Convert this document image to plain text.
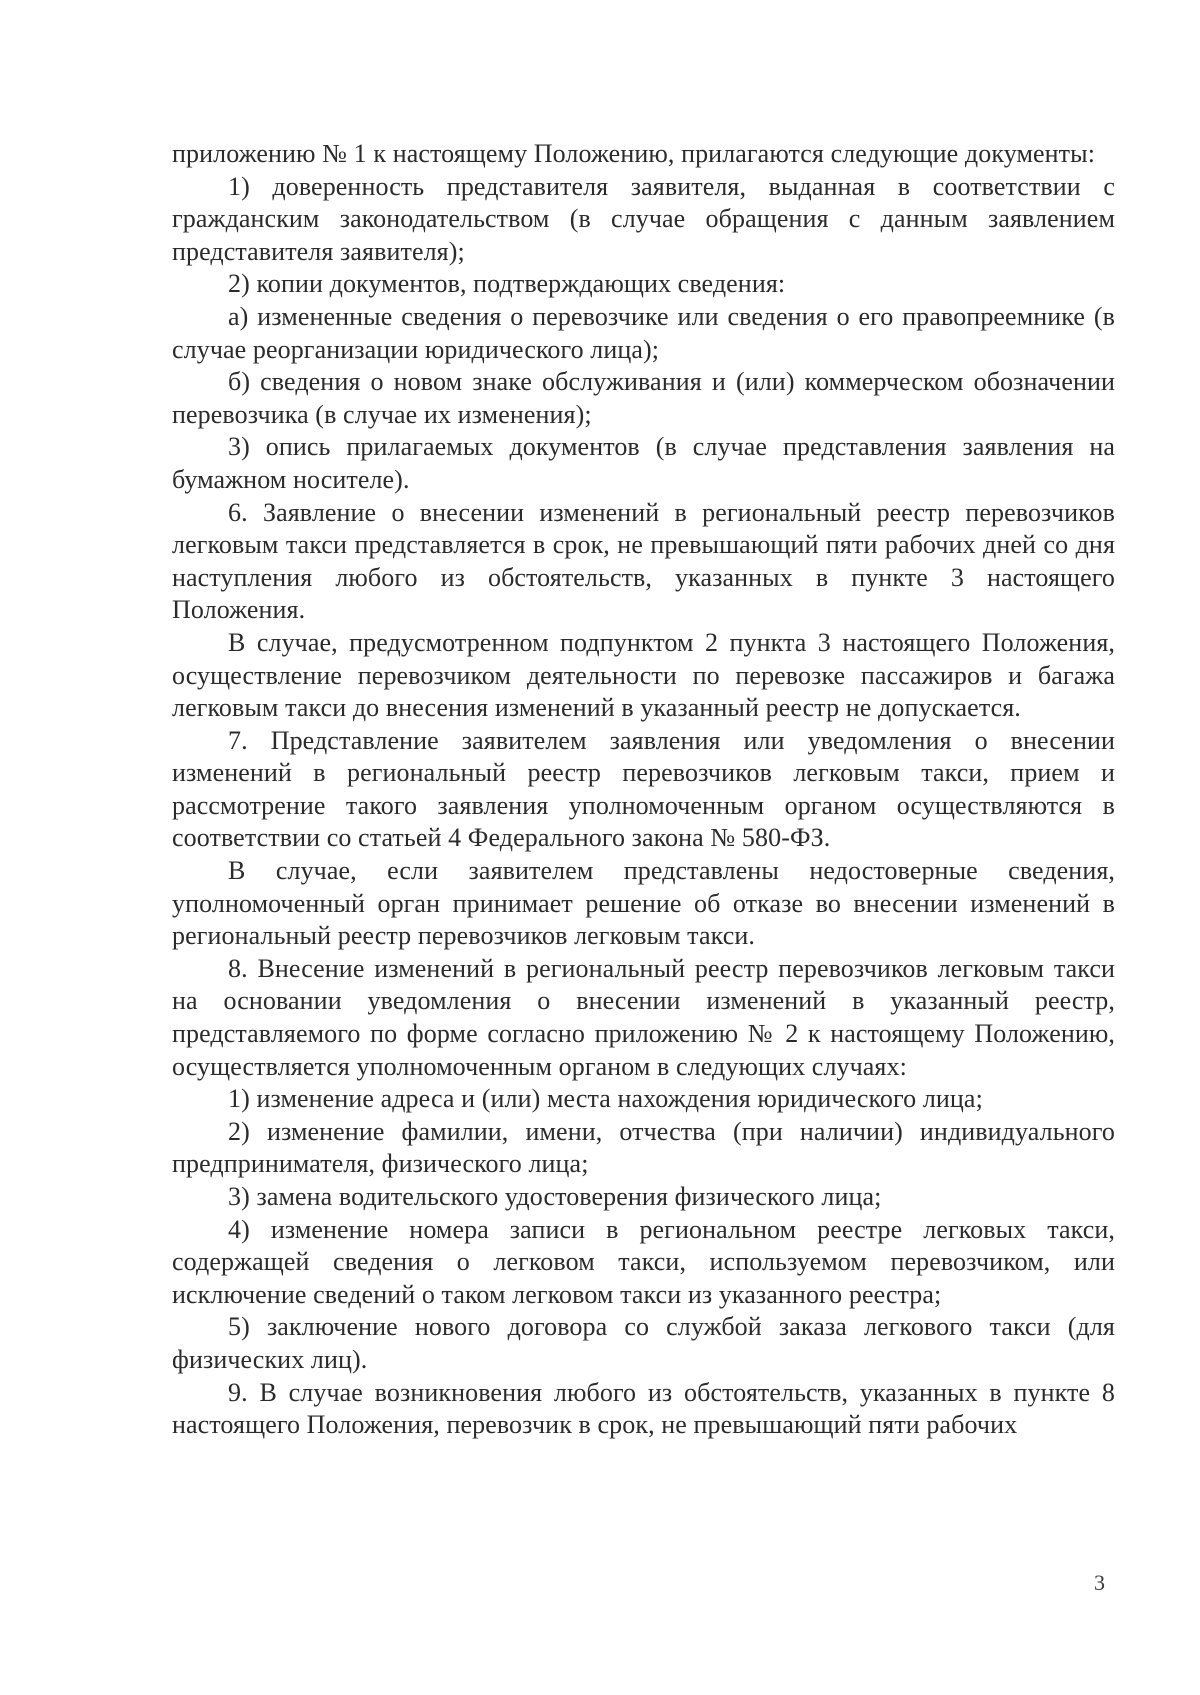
приложению № 1 к настоящему Положению, прилагаются следующие документы:

1) доверенность представителя заявителя, выданная в соответствии с гражданским законодательством (в случае обращения с данным заявлением представителя заявителя);

2) копии документов, подтверждающих сведения:

а) измененные сведения о перевозчике или сведения о его правопреемнике (в случае реорганизации юридического лица);

б) сведения о новом знаке обслуживания и (или) коммерческом обозначении перевозчика (в случае их изменения);

3) опись прилагаемых документов (в случае представления заявления на бумажном носителе).

6. Заявление о внесении изменений в региональный реестр перевозчиков легковым такси представляется в срок, не превышающий пяти рабочих дней со дня наступления любого из обстоятельств, указанных в пункте 3 настоящего Положения.

В случае, предусмотренном подпунктом 2 пункта 3 настоящего Положения, осуществление перевозчиком деятельности по перевозке пассажиров и багажа легковым такси до внесения изменений в указанный реестр не допускается.

7. Представление заявителем заявления или уведомления о внесении изменений в региональный реестр перевозчиков легковым такси, прием и рассмотрение такого заявления уполномоченным органом осуществляются в соответствии со статьей 4 Федерального закона № 580-ФЗ.

В случае, если заявителем представлены недостоверные сведения, уполномоченный орган принимает решение об отказе во внесении изменений в региональный реестр перевозчиков легковым такси.

8. Внесение изменений в региональный реестр перевозчиков легковым такси на основании уведомления о внесении изменений в указанный реестр, представляемого по форме согласно приложению № 2 к настоящему Положению, осуществляется уполномоченным органом в следующих случаях:

1) изменение адреса и (или) места нахождения юридического лица;

2) изменение фамилии, имени, отчества (при наличии) индивидуального предпринимателя, физического лица;

3) замена водительского удостоверения физического лица;

4) изменение номера записи в региональном реестре легковых такси, содержащей сведения о легковом такси, используемом перевозчиком, или исключение сведений о таком легковом такси из указанного реестра;

5) заключение нового договора со службой заказа легкового такси (для физических лиц).

9. В случае возникновения любого из обстоятельств, указанных в пункте 8 настоящего Положения, перевозчик в срок, не превышающий пяти рабочих

3
